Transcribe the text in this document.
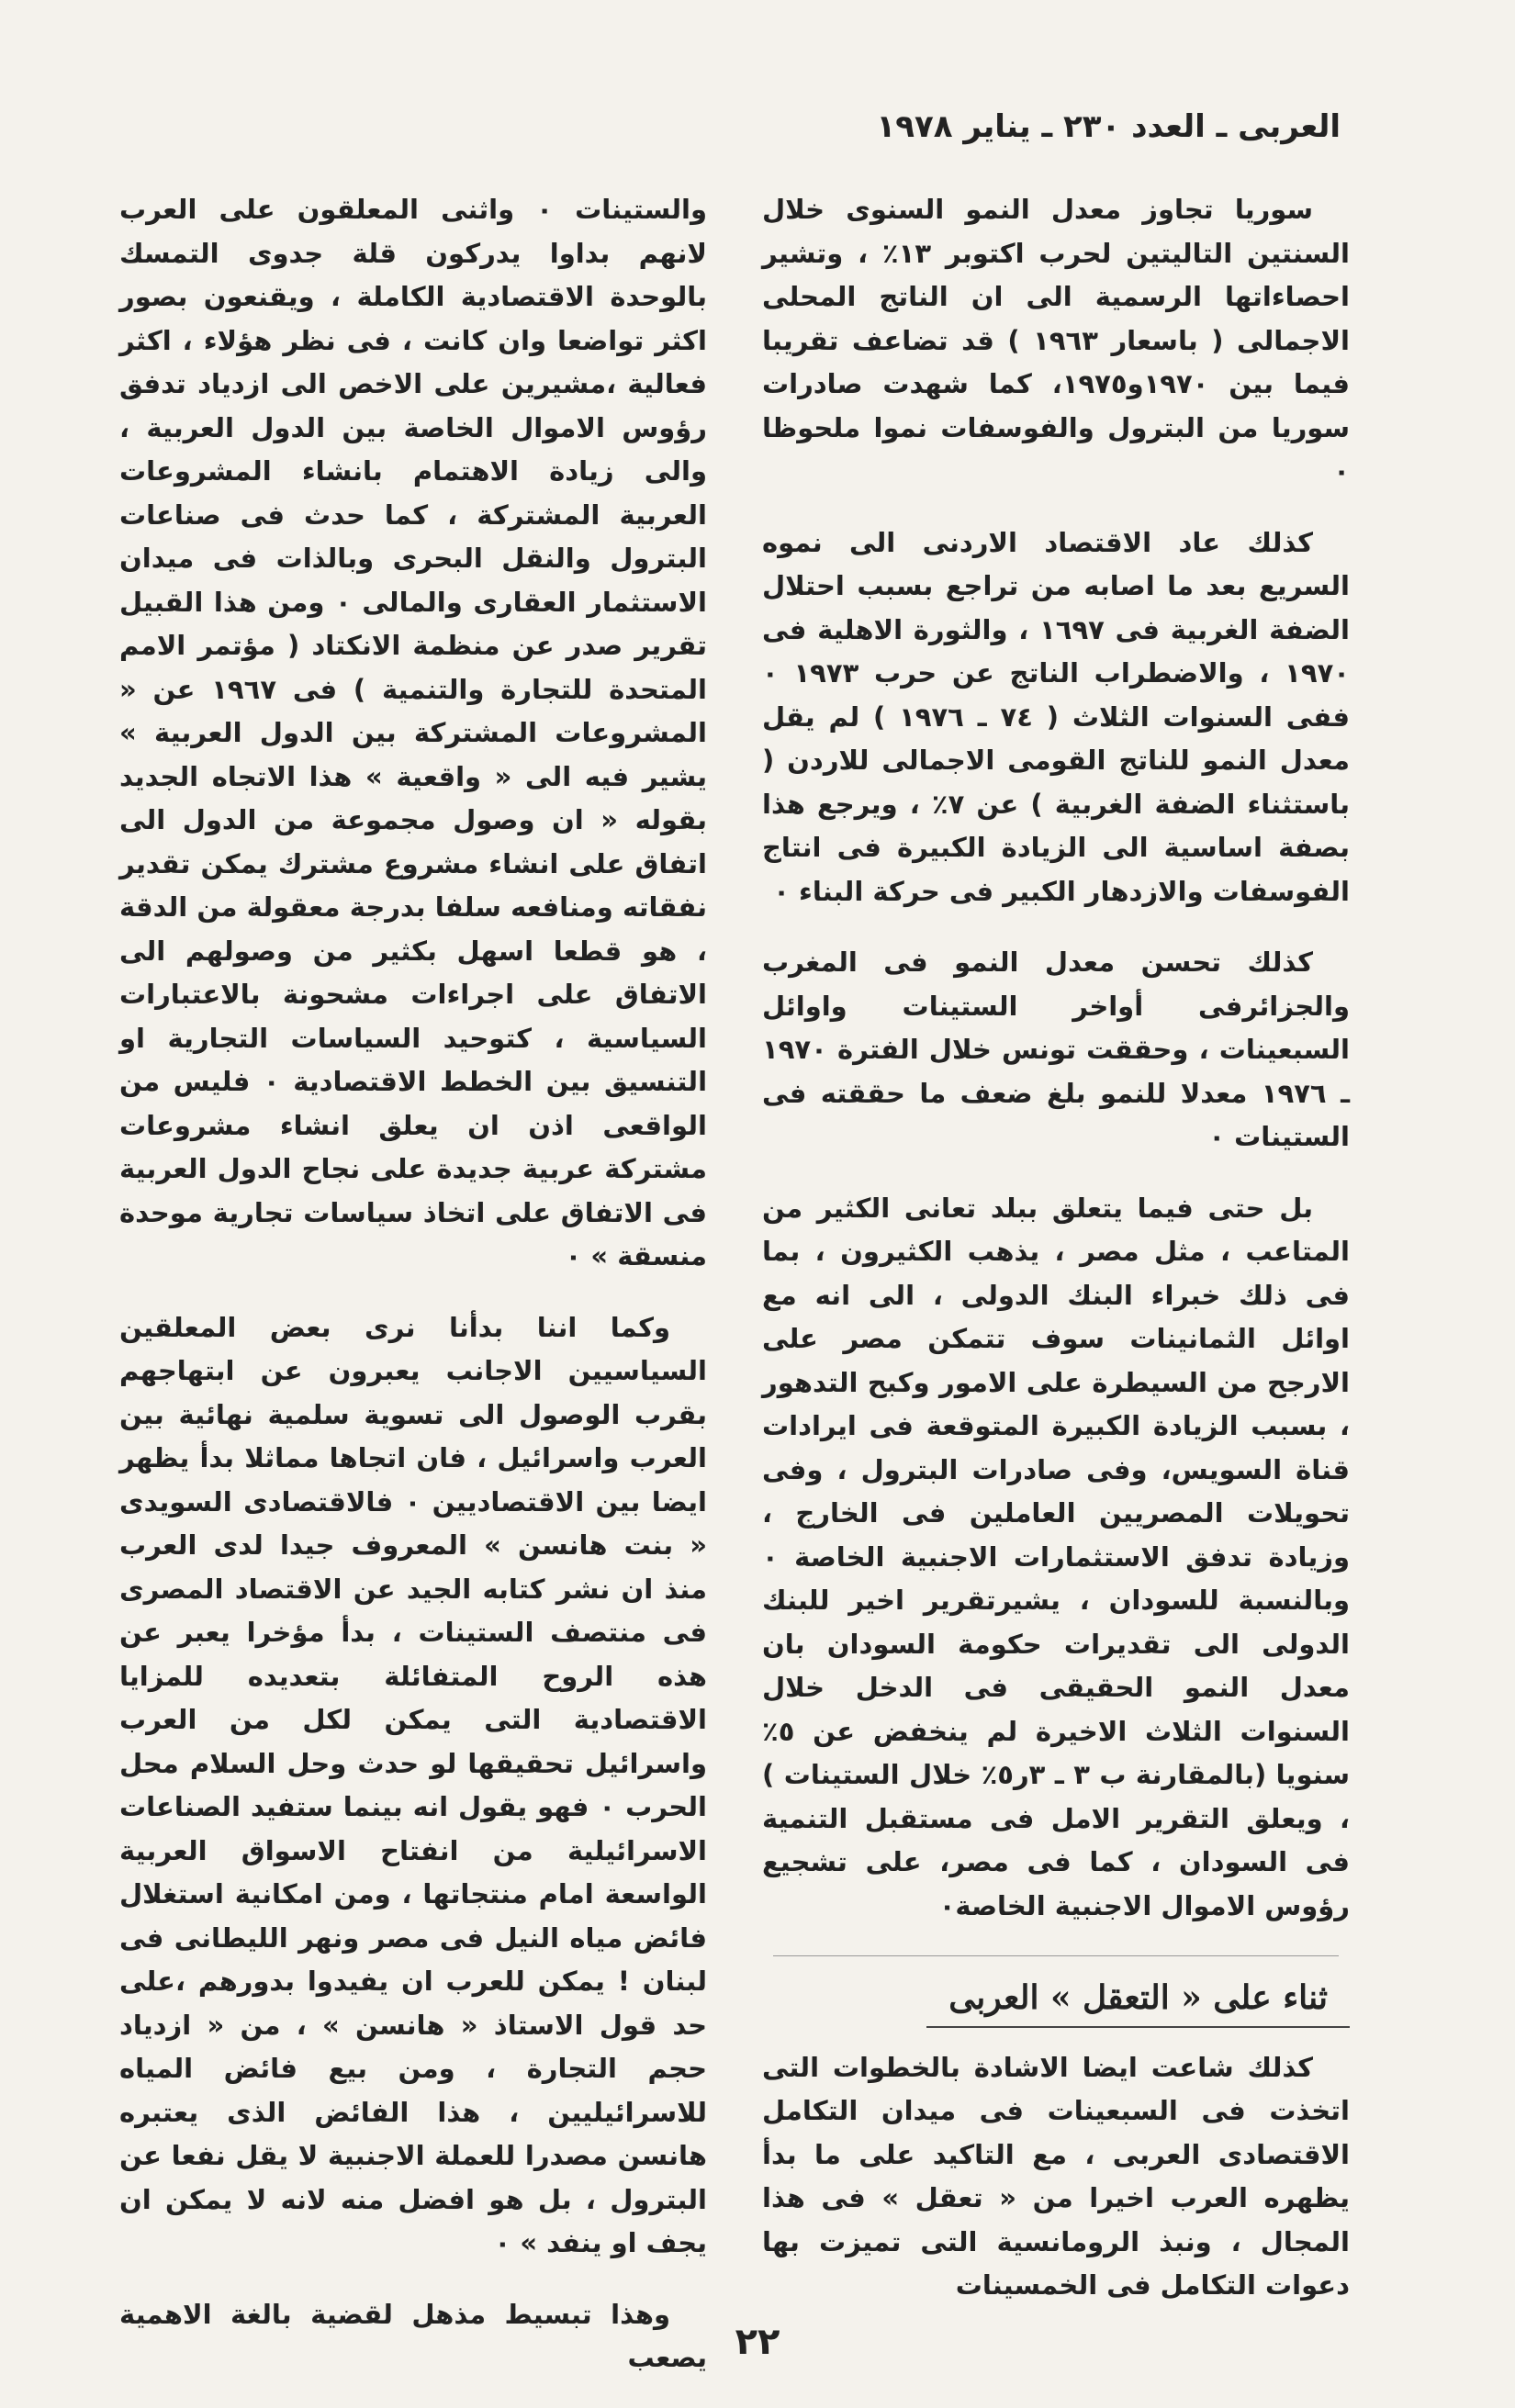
العربى ـ العدد ٢٣٠ ـ يناير ١٩٧٨

سوريا تجاوز معدل النمو السنوى خلال السنتين التاليتين لحرب اكتوبر ١٣٪ ، وتشير احصاءاتها الرسمية الى ان الناتج المحلى الاجمالى ( باسعار ١٩٦٣ ) قد تضاعف تقريبا فيما بين ١٩٧٠و١٩٧٥، كما شهدت صادرات سوريا من البترول والفوسفات نموا ملحوظا ٠

كذلك عاد الاقتصاد الاردنى الى نموه السريع بعد ما اصابه من تراجع بسبب احتلال الضفة الغربية فى ١٦٩٧ ، والثورة الاهلية فى ١٩٧٠ ، والاضطراب الناتج عن حرب ١٩٧٣ ٠ ففى السنوات الثلاث ( ٧٤ ـ ١٩٧٦ ) لم يقل معدل النمو للناتج القومى الاجمالى للاردن ( باستثناء الضفة الغربية ) عن ٧٪ ، ويرجع هذا بصفة اساسية الى الزيادة الكبيرة فى انتاج الفوسفات والازدهار الكبير فى حركة البناء ٠

كذلك تحسن معدل النمو فى المغرب والجزائرفى أواخر الستينات واوائل السبعينات ، وحققت تونس خلال الفترة ١٩٧٠ ـ ١٩٧٦ معدلا للنمو بلغ ضعف ما حققته فى الستينات ٠

بل حتى فيما يتعلق ببلد تعانى الكثير من المتاعب ، مثل مصر ، يذهب الكثيرون ، بما فى ذلك خبراء البنك الدولى ، الى انه مع اوائل الثمانينات سوف تتمكن مصر على الارجح من السيطرة على الامور وكبح التدهور ، بسبب الزيادة الكبيرة المتوقعة فى ايرادات قناة السويس، وفى صادرات البترول ، وفى تحويلات المصريين العاملين فى الخارج ، وزيادة تدفق الاستثمارات الاجنبية الخاصة ٠ وبالنسبة للسودان ، يشيرتقرير اخير للبنك الدولى الى تقديرات حكومة السودان بان معدل النمو الحقيقى فى الدخل خلال السنوات الثلاث الاخيرة لم ينخفض عن ٥٪ سنويا (بالمقارنة ب ٣ ـ ٣ر٥٪ خلال الستينات ) ، ويعلق التقرير الامل فى مستقبل التنمية فى السودان ، كما فى مصر، على تشجيع رؤوس الاموال الاجنبية الخاصة٠

ثناء على « التعقل » العربى

كذلك شاعت ايضا الاشادة بالخطوات التى اتخذت فى السبعينات فى ميدان التكامل الاقتصادى العربى ، مع التاكيد على ما بدأ يظهره العرب اخيرا من « تعقل » فى هذا المجال ، ونبذ الرومانسية التى تميزت بها دعوات التكامل فى الخمسينات

والستينات ٠ واثنى المعلقون على العرب لانهم بداوا يدركون قلة جدوى التمسك بالوحدة الاقتصادية الكاملة ، ويقنعون بصور اكثر تواضعا وان كانت ، فى نظر هؤلاء ، اكثر فعالية ،مشيرين على الاخص الى ازدياد تدفق رؤوس الاموال الخاصة بين الدول العربية ، والى زيادة الاهتمام بانشاء المشروعات العربية المشتركة ، كما حدث فى صناعات البترول والنقل البحرى وبالذات فى ميدان الاستثمار العقارى والمالى ٠ ومن هذا القبيل تقرير صدر عن منظمة الانكتاد ( مؤتمر الامم المتحدة للتجارة والتنمية ) فى ١٩٦٧ عن « المشروعات المشتركة بين الدول العربية » يشير فيه الى « واقعية » هذا الاتجاه الجديد بقوله « ان وصول مجموعة من الدول الى اتفاق على انشاء مشروع مشترك يمكن تقدير نفقاته ومنافعه سلفا بدرجة معقولة من الدقة ، هو قطعا اسهل بكثير من وصولهم الى الاتفاق على اجراءات مشحونة بالاعتبارات السياسية ، كتوحيد السياسات التجارية او التنسيق بين الخطط الاقتصادية ٠ فليس من الواقعى اذن ان يعلق انشاء مشروعات مشتركة عربية جديدة على نجاح الدول العربية فى الاتفاق على اتخاذ سياسات تجارية موحدة منسقة » ٠

وكما اننا بدأنا نرى بعض المعلقين السياسيين الاجانب يعبرون عن ابتهاجهم بقرب الوصول الى تسوية سلمية نهائية بين العرب واسرائيل ، فان اتجاها مماثلا بدأ يظهر ايضا بين الاقتصاديين ٠ فالاقتصادى السويدى « بنت هانسن » المعروف جيدا لدى العرب منذ ان نشر كتابه الجيد عن الاقتصاد المصرى فى منتصف الستينات ، بدأ مؤخرا يعبر عن هذه الروح المتفائلة بتعديده للمزايا الاقتصادية التى يمكن لكل من العرب واسرائيل تحقيقها لو حدث وحل السلام محل الحرب ٠ فهو يقول انه بينما ستفيد الصناعات الاسرائيلية من انفتاح الاسواق العربية الواسعة امام منتجاتها ، ومن امكانية استغلال فائض مياه النيل فى مصر ونهر الليطانى فى لبنان ! يمكن للعرب ان يفيدوا بدورهم ،على حد قول الاستاذ « هانسن » ، من « ازدياد حجم التجارة ، ومن بيع فائض المياه للاسرائيليين ، هذا الفائض الذى يعتبره هانسن مصدرا للعملة الاجنبية لا يقل نفعا عن البترول ، بل هو افضل منه لانه لا يمكن ان يجف او ينفد » ٠

وهذا تبسيط مذهل لقضية بالغة الاهمية يصعب ٢٢
